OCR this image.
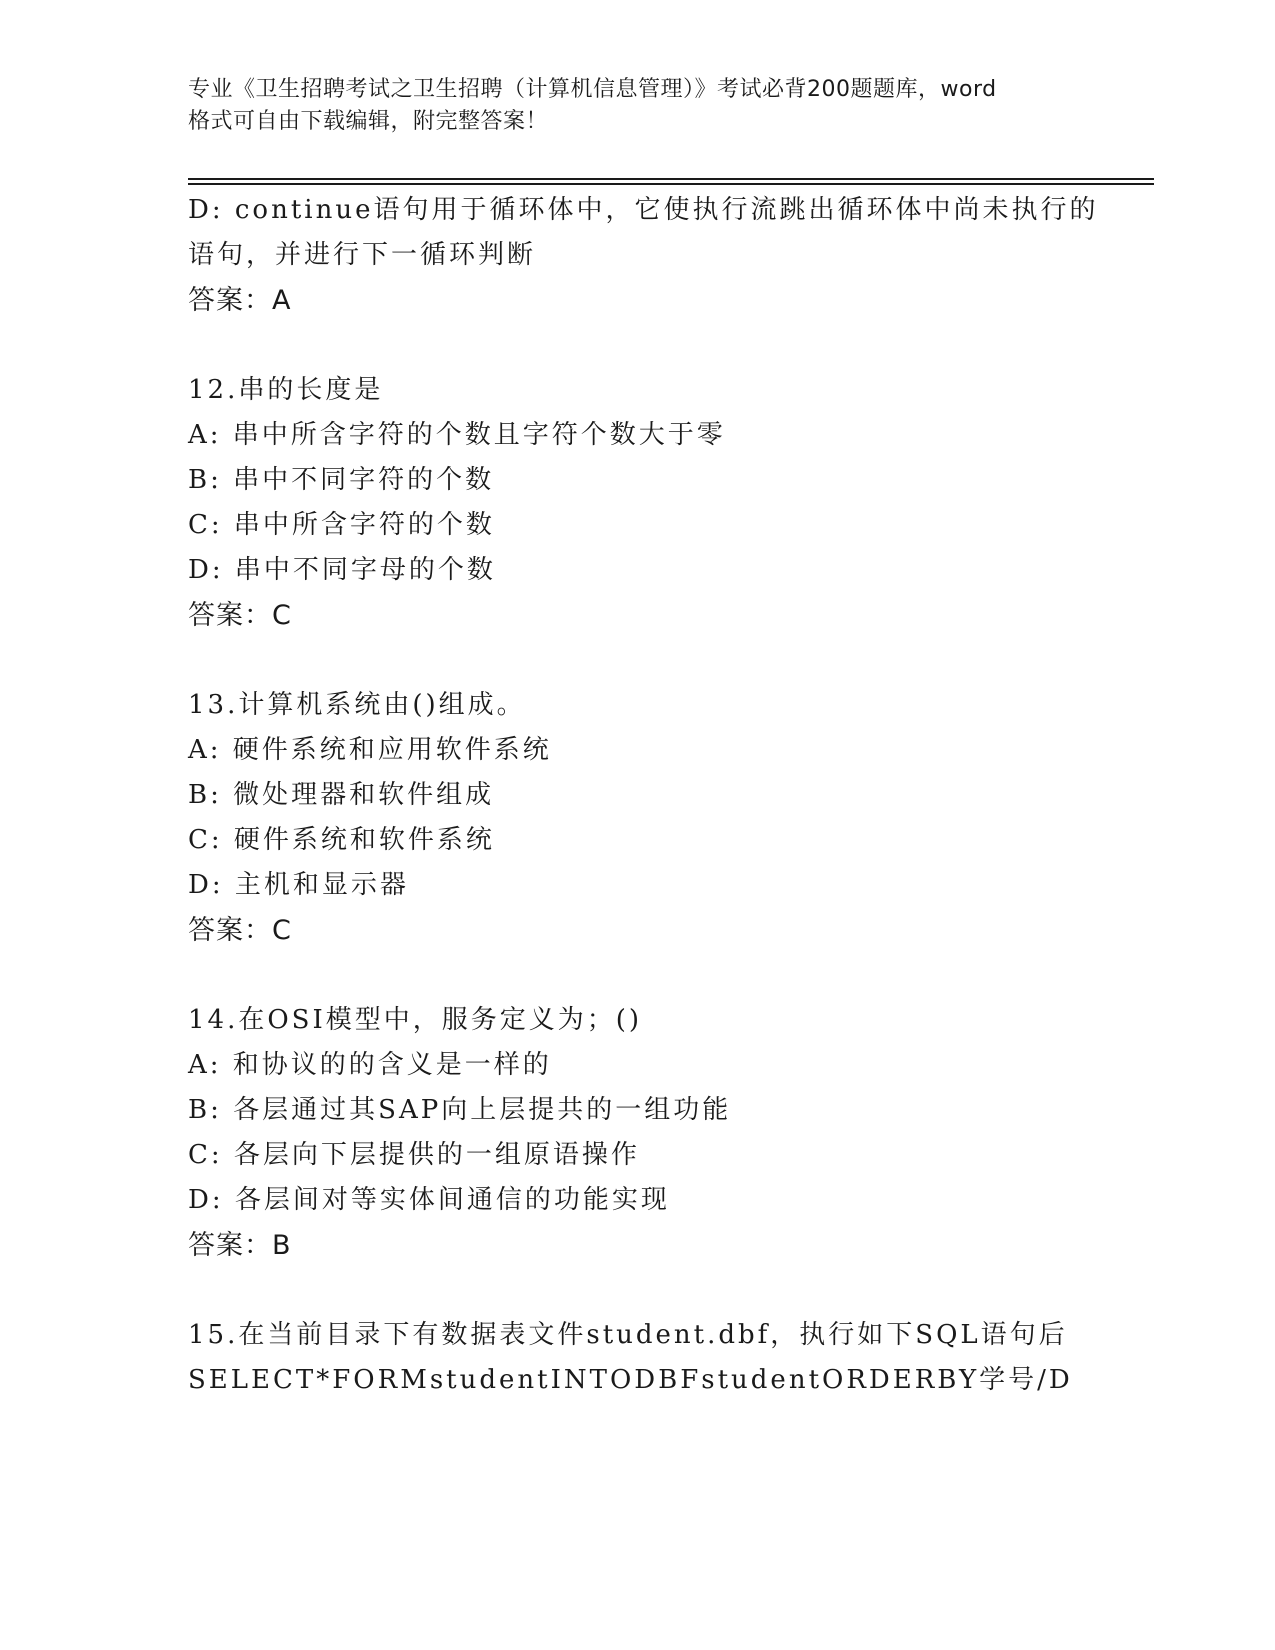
专业《卫生招聘考试之卫生招聘（计算机信息管理）》考试必背200题题库，word
格式可自由下载编辑，附完整答案！
D: continue语句用于循环体中，它使执行流跳出循环体中尚未执行的
语句，并进行下一循环判断
答案：A
12.串的长度是
A: 串中所含字符的个数且字符个数大于零
B: 串中不同字符的个数
C: 串中所含字符的个数
D: 串中不同字母的个数
答案：C
13.计算机系统由()组成。
A: 硬件系统和应用软件系统
B: 微处理器和软件组成
C: 硬件系统和软件系统
D: 主机和显示器
答案：C
14.在OSI模型中，服务定义为；()
A: 和协议的的含义是一样的
B: 各层通过其SAP向上层提共的一组功能
C: 各层向下层提供的一组原语操作
D: 各层间对等实体间通信的功能实现
答案：B
15.在当前目录下有数据表文件student.dbf，执行如下SQL语句后
SELECT*FORMstudentINTODBFstudentORDERBY学号/D
